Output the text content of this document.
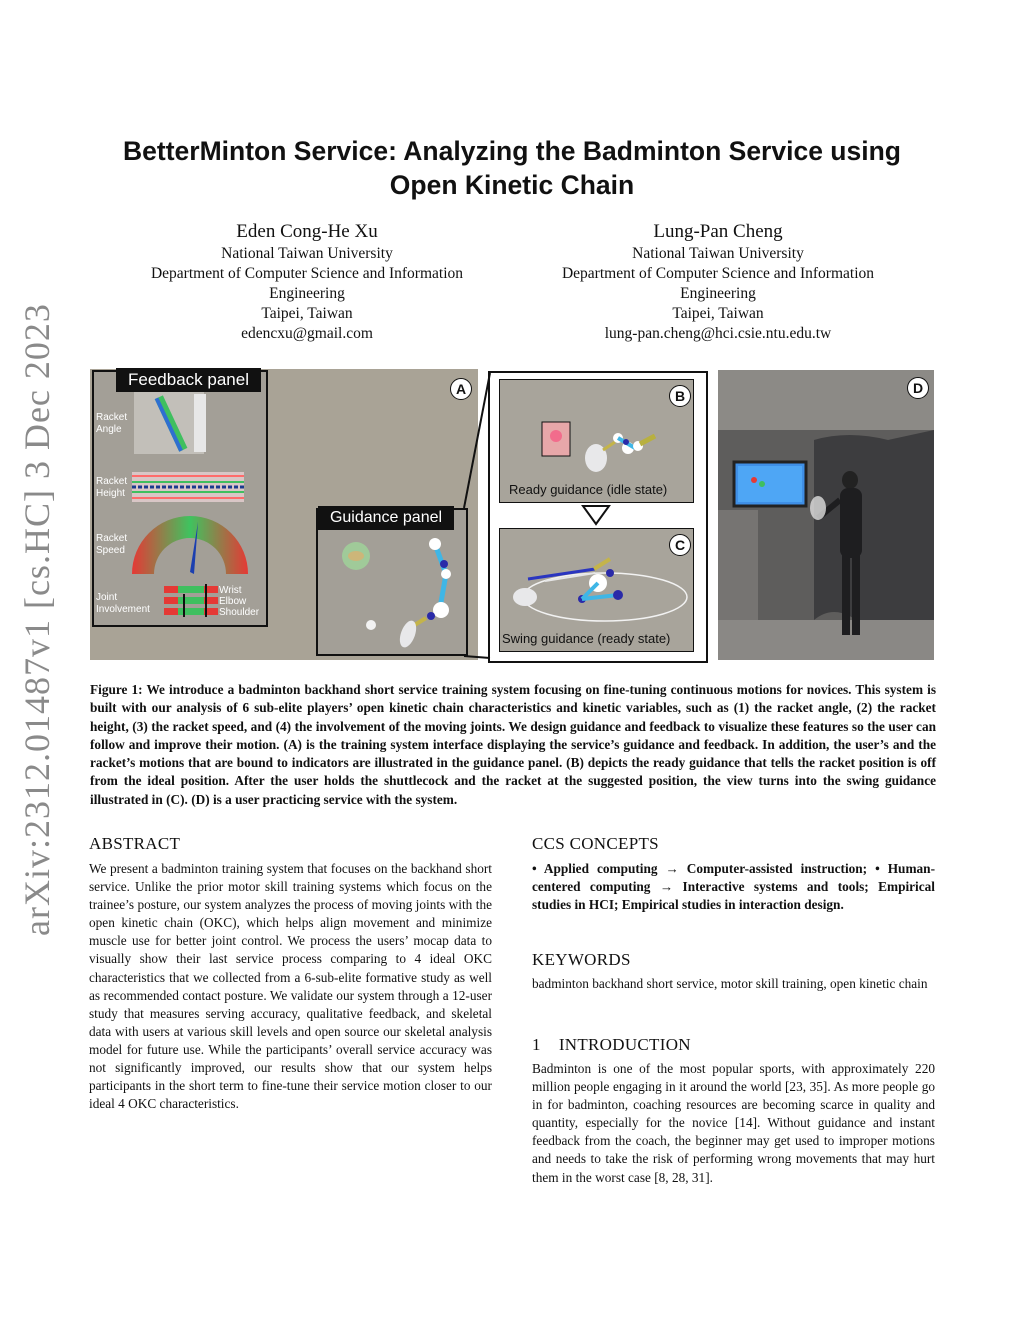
arXiv:2312.01487v1 [cs.HC] 3 Dec 2023
BetterMinton Service: Analyzing the Badminton Service using
Open Kinetic Chain
Eden Cong-He Xu
National Taiwan University
Department of Computer Science and Information
Engineering
Taipei, Taiwan
edencxu@gmail.com
Lung-Pan Cheng
National Taiwan University
Department of Computer Science and Information
Engineering
Taipei, Taiwan
lung-pan.cheng@hci.csie.ntu.edu.tw
Racket
Angle
Racket
Height
Racket
Speed
Joint
Involvement
Wrist
Elbow
Shoulder
Feedback panel
Guidance panel
A	B
Ready guidance (idle state)
C
Swing guidance (ready state)
D
Figure 1: We introduce a badminton backhand short service training system focusing on fine-tuning continuous motions for novices. This system is built with our analysis of 6 sub-elite players’ open kinetic chain characteristics and kinetic variables, such as (1) the racket angle, (2) the racket height, (3) the racket speed, and (4) the involvement of the moving joints. We design guidance and feedback to visualize these features so the user can follow and improve their motion. (A) is the training system interface displaying the service’s guidance and feedback. In addition, the user’s and the racket’s motions that are bound to indicators are illustrated in the guidance panel. (B) depicts the ready guidance that tells the racket position is off from the ideal position. After the user holds the shuttlecock and the racket at the suggested position, the view turns into the swing guidance illustrated in (C). (D) is a user practicing service with the system.
ABSTRACT
We present a badminton training system that focuses on the backhand short service. Unlike the prior motor skill training systems which focus on the trainee’s posture, our system analyzes the process of moving joints with the open kinetic chain (OKC), which helps align movement and minimize muscle use for better joint control. We process the users’ mocap data to visually show their last service process comparing to 4 ideal OKC characteristics that we collected from a 6-sub-elite formative study as well as recommended contact posture. We validate our system through a 12-user study that measures serving accuracy, qualitative feedback, and skeletal data with users at various skill levels and open source our skeletal analysis model for future use. While the participants’ overall service accuracy was not significantly improved, our results show that our system helps participants in the short term to fine-tune their service motion closer to our ideal 4 OKC characteristics.
CCS CONCEPTS
• Applied computing → Computer-assisted instruction; • Human-centered computing → Interactive systems and tools; Empirical studies in HCI; Empirical studies in interaction design.
KEYWORDS
badminton backhand short service, motor skill training, open kinetic chain
1 INTRODUCTION
Badminton is one of the most popular sports, with approximately 220 million people engaging in it around the world [23, 35]. As more people go in for badminton, coaching resources are becoming scarce in quality and quantity, especially for the novice [14]. Without guidance and instant feedback from the coach, the beginner may get used to improper motions and needs to take the risk of performing wrong movements that may hurt them in the worst case [8, 28, 31].
